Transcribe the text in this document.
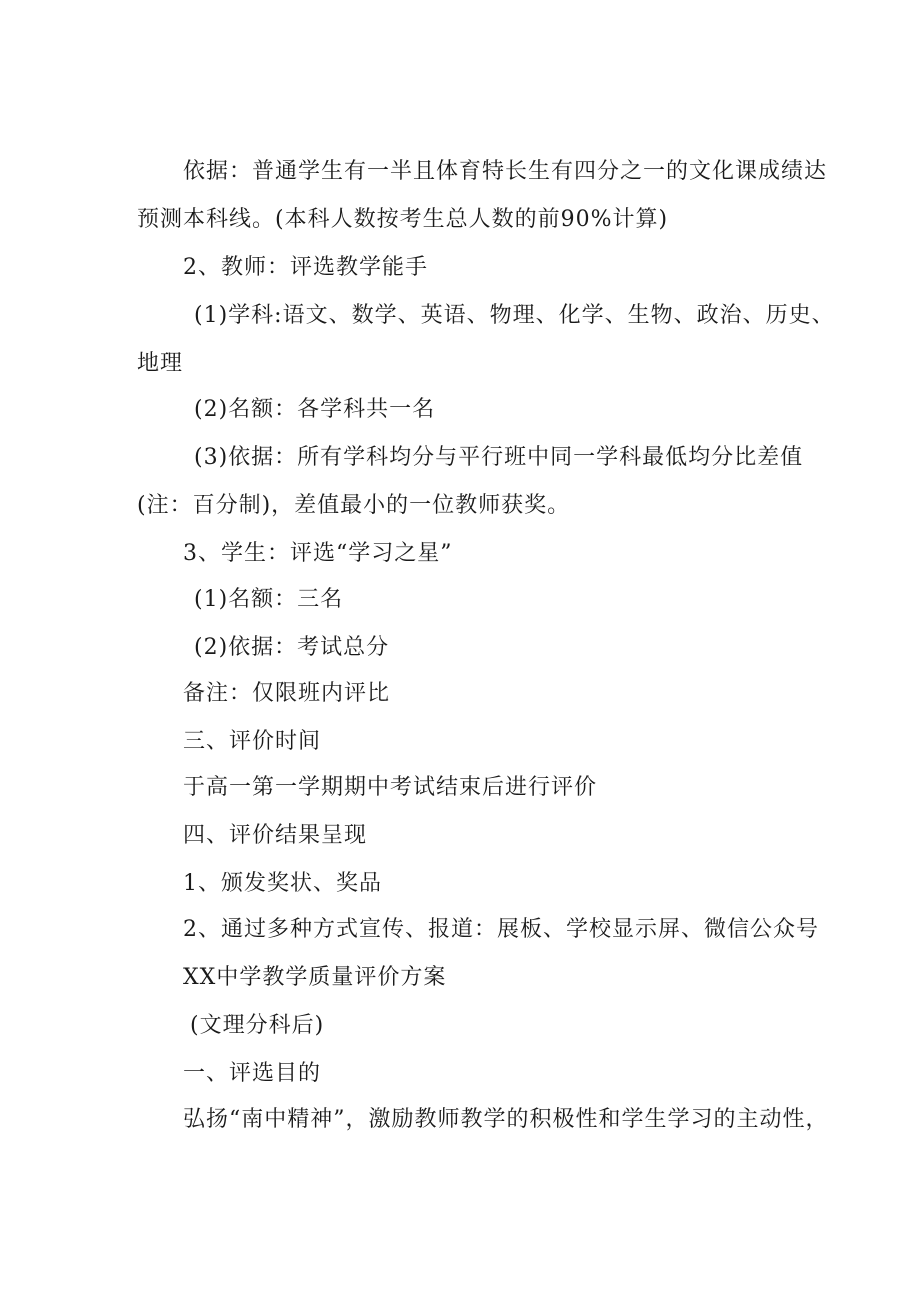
依据：普通学生有一半且体育特长生有四分之一的文化课成绩达
预测本科线。(本科人数按考生总人数的前90%计算)
2、教师：评选教学能手
(1)学科:语文、数学、英语、物理、化学、生物、政治、历史、
地理
(2)名额：各学科共一名
(3)依据：所有学科均分与平行班中同一学科最低均分比差值
(注：百分制)，差值最小的一位教师获奖。
3、学生：评选“学习之星”
(1)名额：三名
(2)依据：考试总分
备注：仅限班内评比
三、评价时间
于高一第一学期期中考试结束后进行评价
四、评价结果呈现
1、颁发奖状、奖品
2、通过多种方式宣传、报道：展板、学校显示屏、微信公众号
XX中学教学质量评价方案
(文理分科后)
一、评选目的
弘扬“南中精神”，激励教师教学的积极性和学生学习的主动性，
